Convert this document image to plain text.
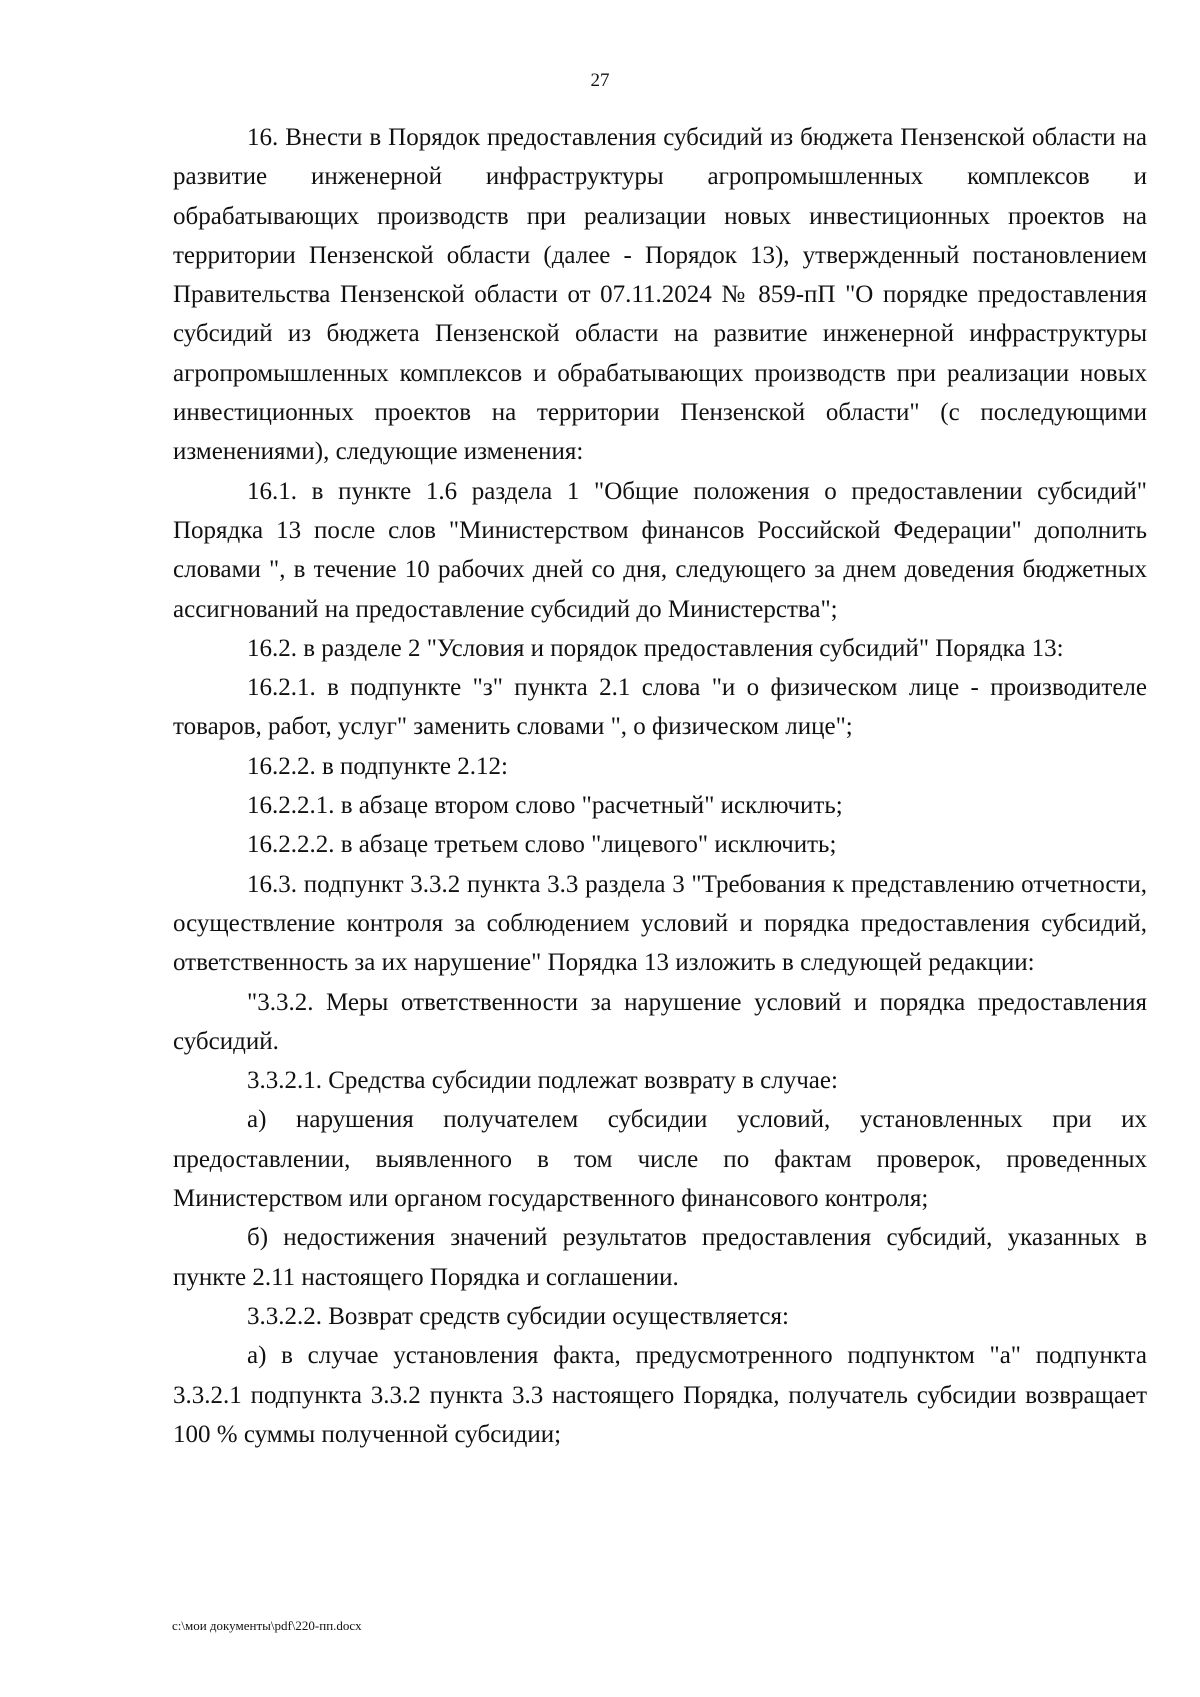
27

16. Внести в Порядок предоставления субсидий из бюджета Пензенской области на развитие инженерной инфраструктуры агропромышленных комплексов и обрабатывающих производств при реализации новых инвестиционных проектов на территории Пензенской области (далее - Порядок 13), утвержденный постановлением Правительства Пензенской области от 07.11.2024 № 859-пП "О порядке предоставления субсидий из бюджета Пензенской области на развитие инженерной инфраструктуры агропромышленных комплексов и обрабатывающих производств при реализации новых инвестиционных проектов на территории Пензенской области" (с последующими изменениями), следующие изменения:

16.1. в пункте 1.6 раздела 1 "Общие положения о предоставлении субсидий" Порядка 13 после слов "Министерством финансов Российской Федерации" дополнить словами ", в течение 10 рабочих дней со дня, следующего за днем доведения бюджетных ассигнований на предоставление субсидий до Министерства";

16.2. в разделе 2 "Условия и порядок предоставления субсидий" Порядка 13:

16.2.1. в подпункте "з" пункта 2.1 слова "и о физическом лице - производителе товаров, работ, услуг" заменить словами ", о физическом лице";

16.2.2. в подпункте 2.12:

16.2.2.1. в абзаце втором слово "расчетный" исключить;

16.2.2.2. в абзаце третьем слово "лицевого" исключить;

16.3. подпункт 3.3.2 пункта 3.3 раздела 3 "Требования к представлению отчетности, осуществление контроля за соблюдением условий и порядка предоставления субсидий, ответственность за их нарушение" Порядка 13 изложить в следующей редакции:

"3.3.2. Меры ответственности за нарушение условий и порядка предоставления субсидий.

3.3.2.1. Средства субсидии подлежат возврату в случае:

а) нарушения получателем субсидии условий, установленных при их предоставлении, выявленного в том числе по фактам проверок, проведенных Министерством или органом государственного финансового контроля;

б) недостижения значений результатов предоставления субсидий, указанных в пункте 2.11 настоящего Порядка и соглашении.

3.3.2.2. Возврат средств субсидии осуществляется:

а) в случае установления факта, предусмотренного подпунктом "а" подпункта 3.3.2.1 подпункта 3.3.2 пункта 3.3 настоящего Порядка, получатель субсидии возвращает 100 % суммы полученной субсидии;

c:\мои документы\pdf\220-пп.docx
